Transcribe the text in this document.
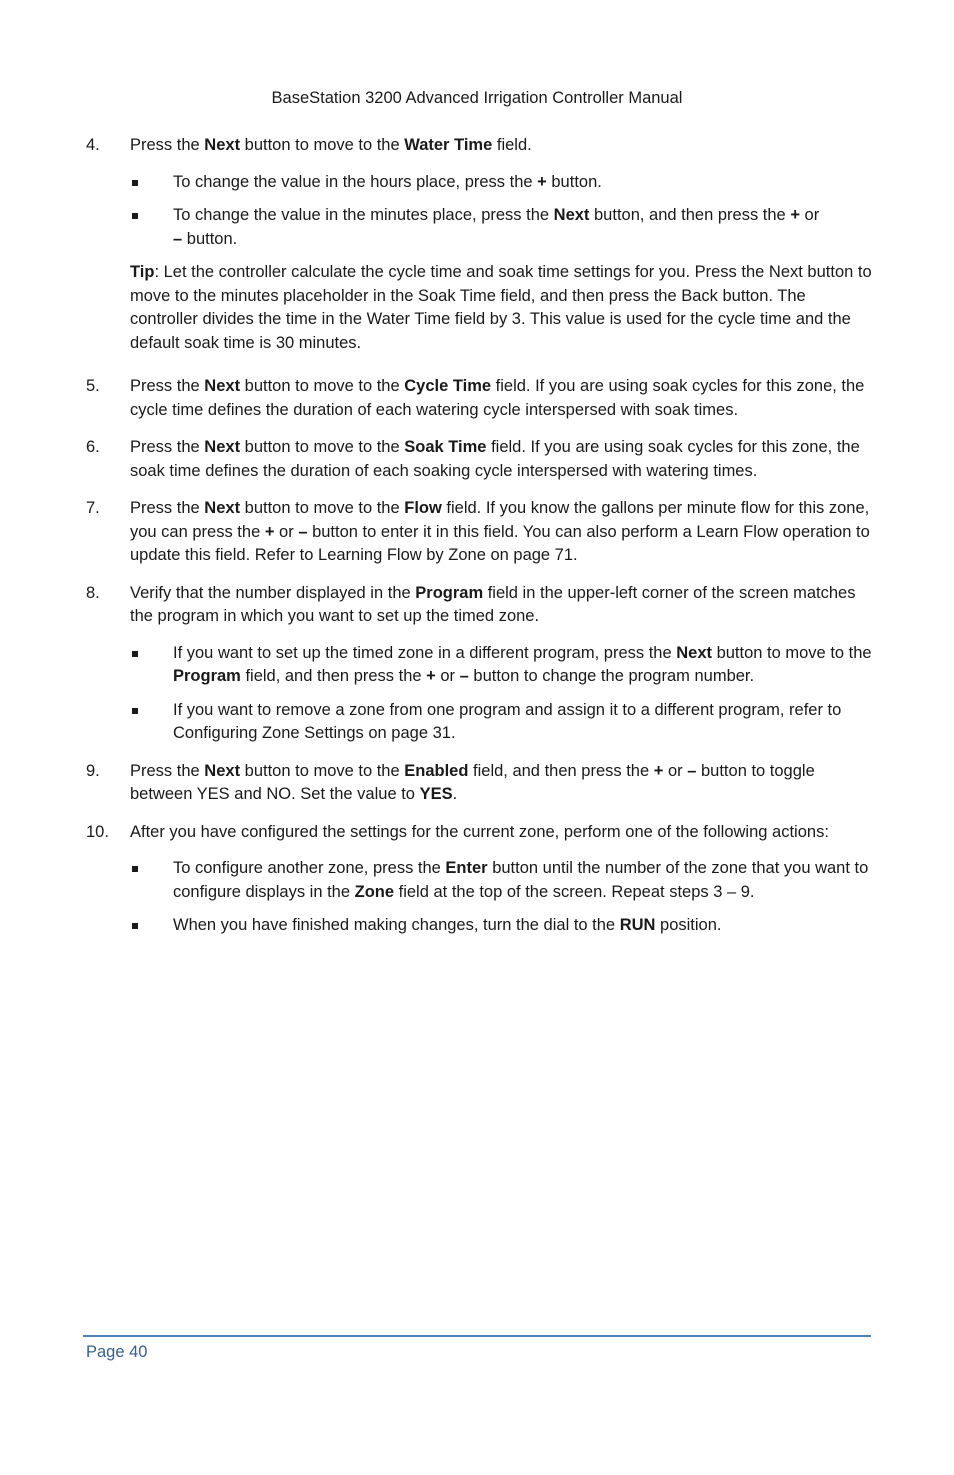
BaseStation 3200 Advanced Irrigation Controller Manual
4. Press the Next button to move to the Water Time field.
To change the value in the hours place, press the + button.
To change the value in the minutes place, press the Next button, and then press the + or
– button.
Tip: Let the controller calculate the cycle time and soak time settings for you. Press the Next button to move to the minutes placeholder in the Soak Time field, and then press the Back button. The controller divides the time in the Water Time field by 3. This value is used for the cycle time and the default soak time is 30 minutes.
5. Press the Next button to move to the Cycle Time field. If you are using soak cycles for this zone, the cycle time defines the duration of each watering cycle interspersed with soak times.
6. Press the Next button to move to the Soak Time field. If you are using soak cycles for this zone, the soak time defines the duration of each soaking cycle interspersed with watering times.
7. Press the Next button to move to the Flow field. If you know the gallons per minute flow for this zone, you can press the + or – button to enter it in this field. You can also perform a Learn Flow operation to update this field. Refer to Learning Flow by Zone on page 71.
8. Verify that the number displayed in the Program field in the upper-left corner of the screen matches the program in which you want to set up the timed zone.
If you want to set up the timed zone in a different program, press the Next button to move to the Program field, and then press the + or – button to change the program number.
If you want to remove a zone from one program and assign it to a different program, refer to Configuring Zone Settings on page 31.
9. Press the Next button to move to the Enabled field, and then press the + or – button to toggle between YES and NO. Set the value to YES.
10. After you have configured the settings for the current zone, perform one of the following actions:
To configure another zone, press the Enter button until the number of the zone that you want to configure displays in the Zone field at the top of the screen. Repeat steps 3 – 9.
When you have finished making changes, turn the dial to the RUN position.
Page 40
